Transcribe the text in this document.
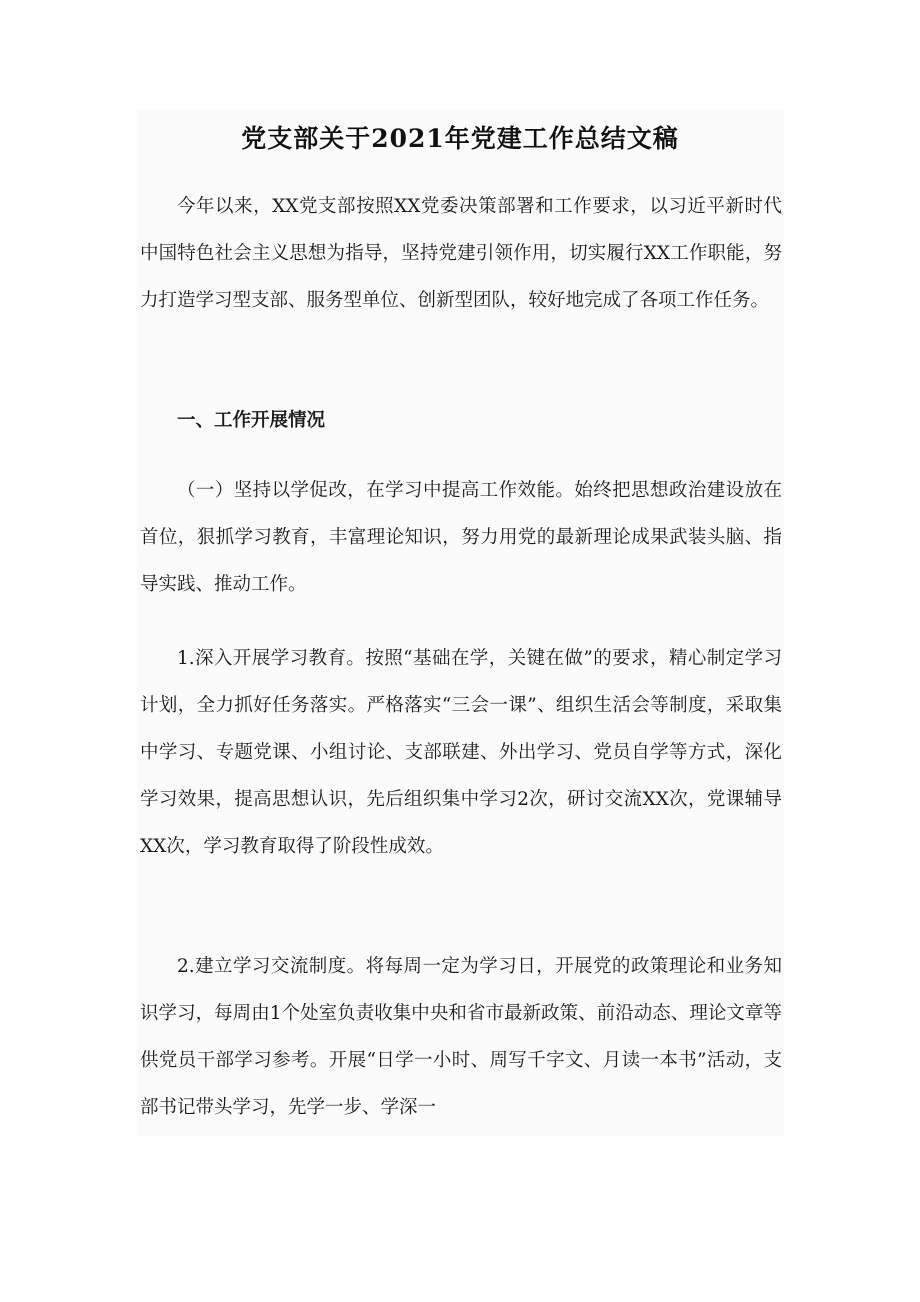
党支部关于2021年党建工作总结文稿

今年以来，XX党支部按照XX党委决策部署和工作要求，以习近平新时代中国特色社会主义思想为指导，坚持党建引领作用，切实履行XX工作职能，努力打造学习型支部、服务型单位、创新型团队，较好地完成了各项工作任务。

一、工作开展情况

（一）坚持以学促改，在学习中提高工作效能。始终把思想政治建设放在首位，狠抓学习教育，丰富理论知识，努力用党的最新理论成果武装头脑、指导实践、推动工作。

1.深入开展学习教育。按照“基础在学，关键在做”的要求，精心制定学习计划，全力抓好任务落实。严格落实“三会一课”、组织生活会等制度，采取集中学习、专题党课、小组讨论、支部联建、外出学习、党员自学等方式，深化学习效果，提高思想认识，先后组织集中学习2次，研讨交流XX次，党课辅导XX次，学习教育取得了阶段性成效。

2.建立学习交流制度。将每周一定为学习日，开展党的政策理论和业务知识学习，每周由1个处室负责收集中央和省市最新政策、前沿动态、理论文章等供党员干部学习参考。开展“日学一小时、周写千字文、月读一本书”活动，支部书记带头学习，先学一步、学深一
